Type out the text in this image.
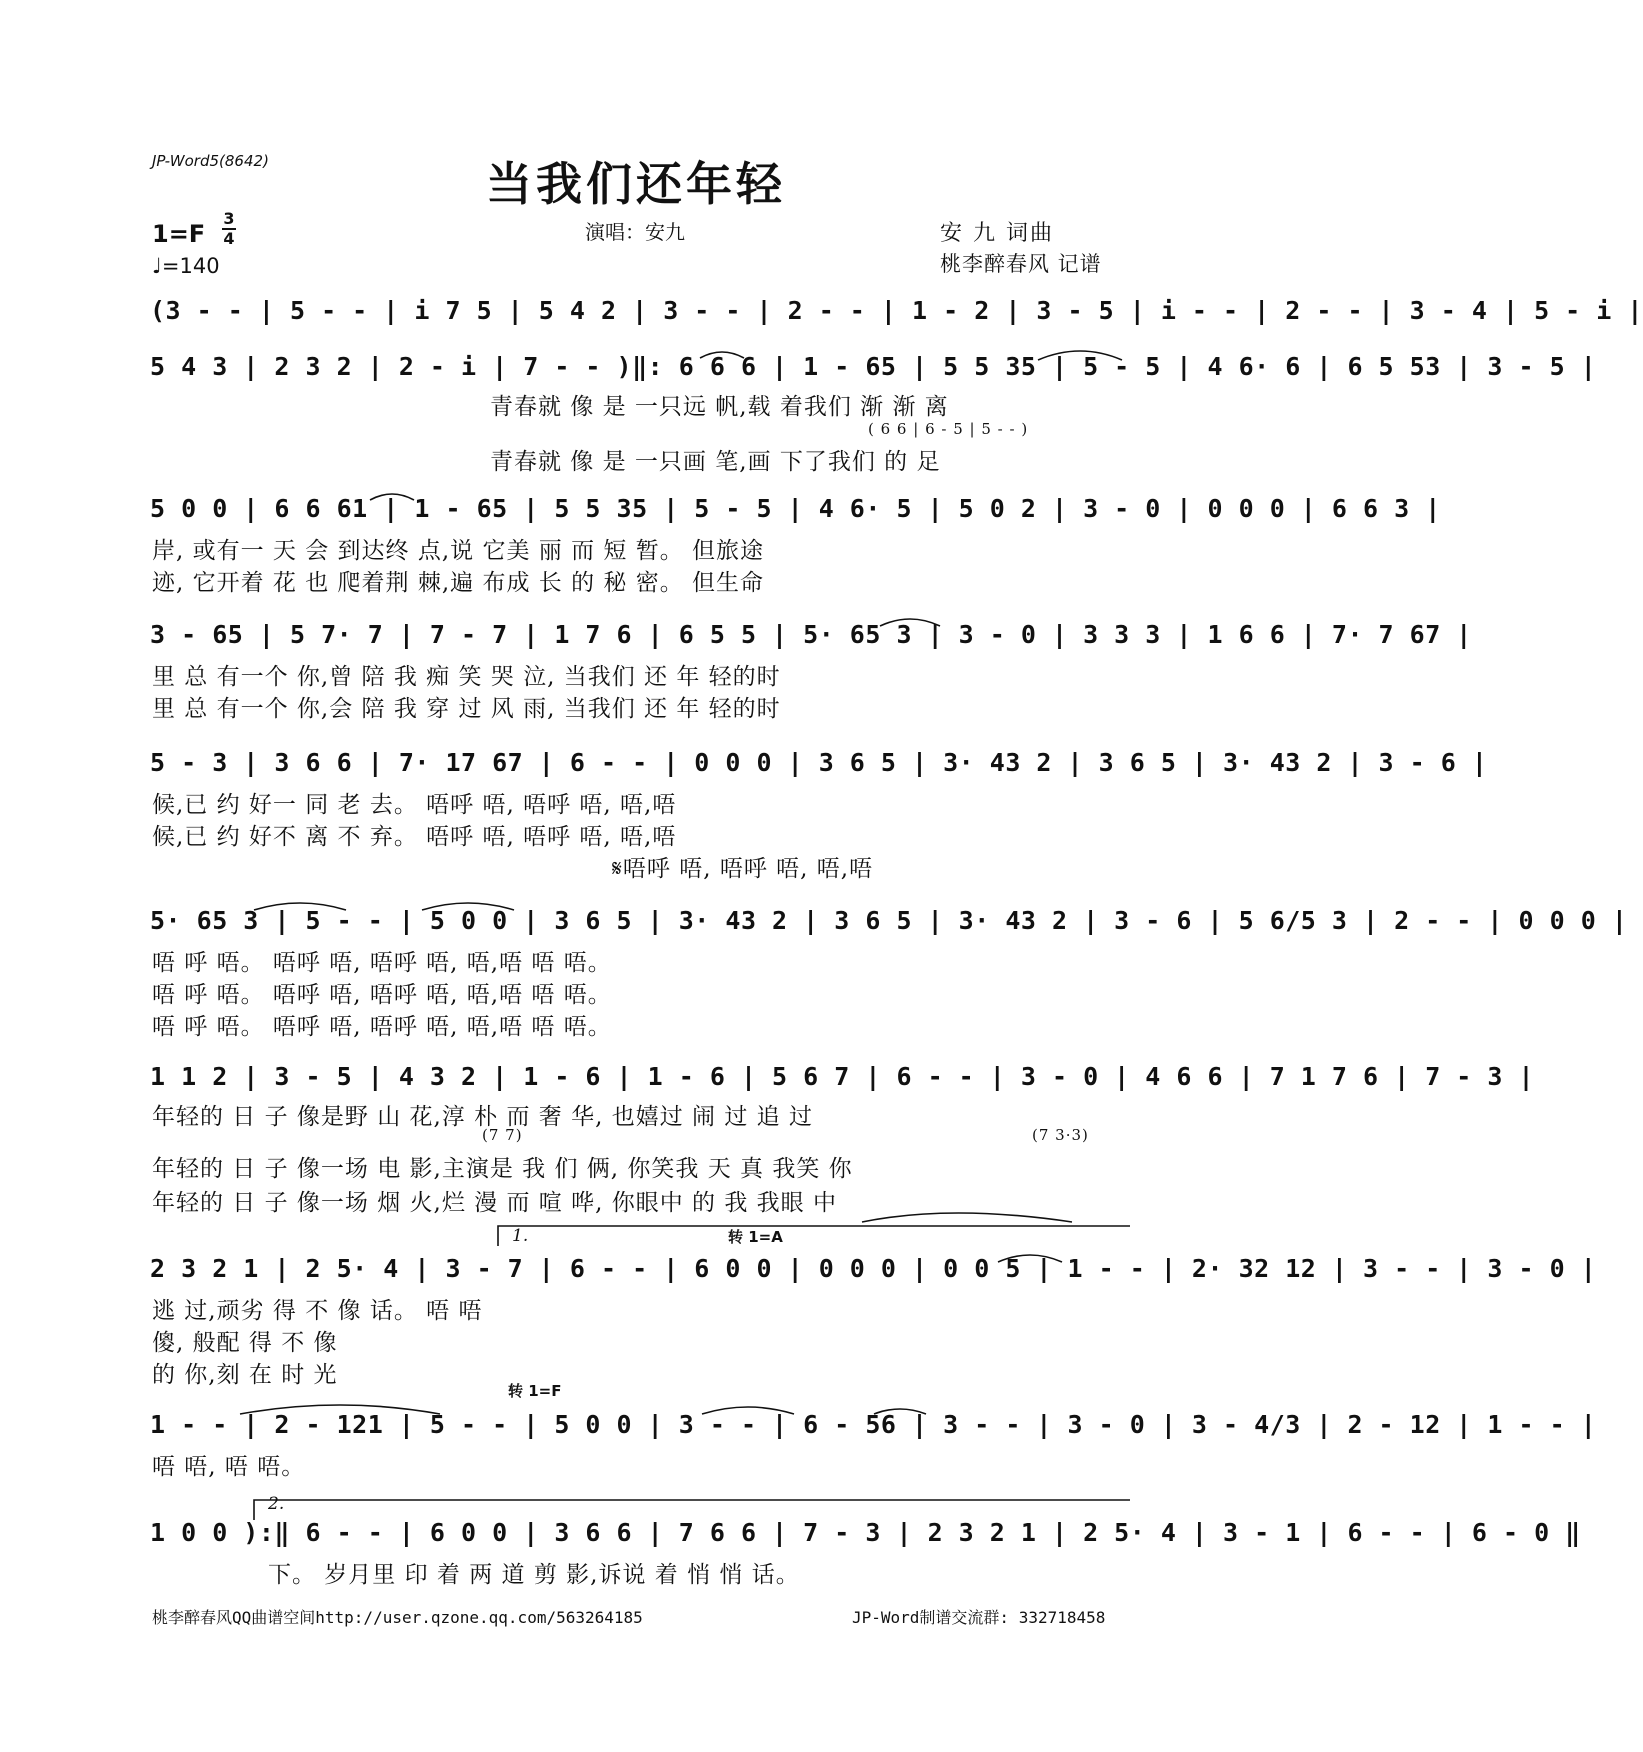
JP-Word5(8642)	当我们还年轻
1=F
3
4
♩=140
演唱：安九	安 九 词曲
桃李醉春风 记谱
(3 - - | 5 - - | i 7 5 | 5 4 2 | 3 - - | 2 - - | 1 - 2 | 3 - 5 | i - - | 2 - - | 3 - 4 | 5 - i |
5 4 3 | 2 3 2 | 2 - i | 7 - - )‖: 6 6 6 | 1 - 65 | 5 5 35 | 5 - 5 | 4 6· 6 | 6 5 53 | 3 - 5 |
青春就 像 是 一只远 帆,载 着我们 渐 渐 离
( 6 6 | 6 - 5 | 5 - - )
青春就 像 是 一只画 笔,画 下了我们 的 足
5 0 0 | 6 6 61 | 1 - 65 | 5 5 35 | 5 - 5 | 4 6· 5 | 5 0 2 | 3 - 0 | 0 0 0 | 6 6 3 |
岸, 或有一 天 会 到达终 点,说 它美 丽 而 短 暂。 但旅途
迹, 它开着 花 也 爬着荆 棘,遍 布成 长 的 秘 密。 但生命
3 - 65 | 5 7· 7 | 7 - 7 | 1 7 6 | 6 5 5 | 5· 65 3 | 3 - 0 | 3 3 3 | 1 6 6 | 7· 7 67 |
里 总 有一个 你,曾 陪 我 痴 笑 哭 泣, 当我们 还 年 轻的时
里 总 有一个 你,会 陪 我 穿 过 风 雨, 当我们 还 年 轻的时
5 - 3 | 3 6 6 | 7· 17 67 | 6 - - | 0 0 0 | 3 6 5 | 3· 43 2 | 3 6 5 | 3· 43 2 | 3 - 6 |
候,已 约 好一 同 老 去。 唔呼 唔, 唔呼 唔, 唔,唔
候,已 约 好不 离 不 弃。 唔呼 唔, 唔呼 唔, 唔,唔
𝄋唔呼 唔, 唔呼 唔, 唔,唔
5· 65 3 | 5 - - | 5 0 0 | 3 6 5 | 3· 43 2 | 3 6 5 | 3· 43 2 | 3 - 6 | 5 6/5 3 | 2 - - | 0 0 0 |
唔 呼 唔。 唔呼 唔, 唔呼 唔, 唔,唔 唔 唔。
唔 呼 唔。 唔呼 唔, 唔呼 唔, 唔,唔 唔 唔。
唔 呼 唔。 唔呼 唔, 唔呼 唔, 唔,唔 唔 唔。
1 1 2 | 3 - 5 | 4 3 2 | 1 - 6 | 1 - 6 | 5 6 7 | 6 - - | 3 - 0 | 4 6 6 | 7 1 7 6 | 7 - 3 |
年轻的 日 子 像是野 山 花,淳 朴 而 奢 华, 也嬉过 闹 过 追 过
(7 7)	(7 3·3)
年轻的 日 子 像一场 电 影,主演是 我 们 俩, 你笑我 天 真 我笑 你
年轻的 日 子 像一场 烟 火,烂 漫 而 喧 哗, 你眼中 的 我 我眼 中
1.	转 1=A
2 3 2 1 | 2 5· 4 | 3 - 7 | 6 - - | 6 0 0 | 0 0 0 | 0 0 5 | 1 - - | 2· 32 12 | 3 - - | 3 - 0 |
逃 过,顽劣 得 不 像 话。 唔 唔
傻, 般配 得 不 像
的 你,刻 在 时 光
转 1=F
1 - - | 2 - 121 | 5 - - | 5 0 0 | 3 - - | 6 - 56 | 3 - - | 3 - 0 | 3 - 4/3 | 2 - 12 | 1 - - |
唔 唔, 唔 唔。
2.
1 0 0 ):‖ 6 - - | 6 0 0 | 3 6 6 | 7 6 6 | 7 - 3 | 2 3 2 1 | 2 5· 4 | 3 - 1 | 6 - - | 6 - 0 ‖
下。 岁月里 印 着 两 道 剪 影,诉说 着 悄 悄 话。
桃李醉春风QQ曲谱空间http://user.qzone.qq.com/563264185	JP-Word制谱交流群: 332718458
